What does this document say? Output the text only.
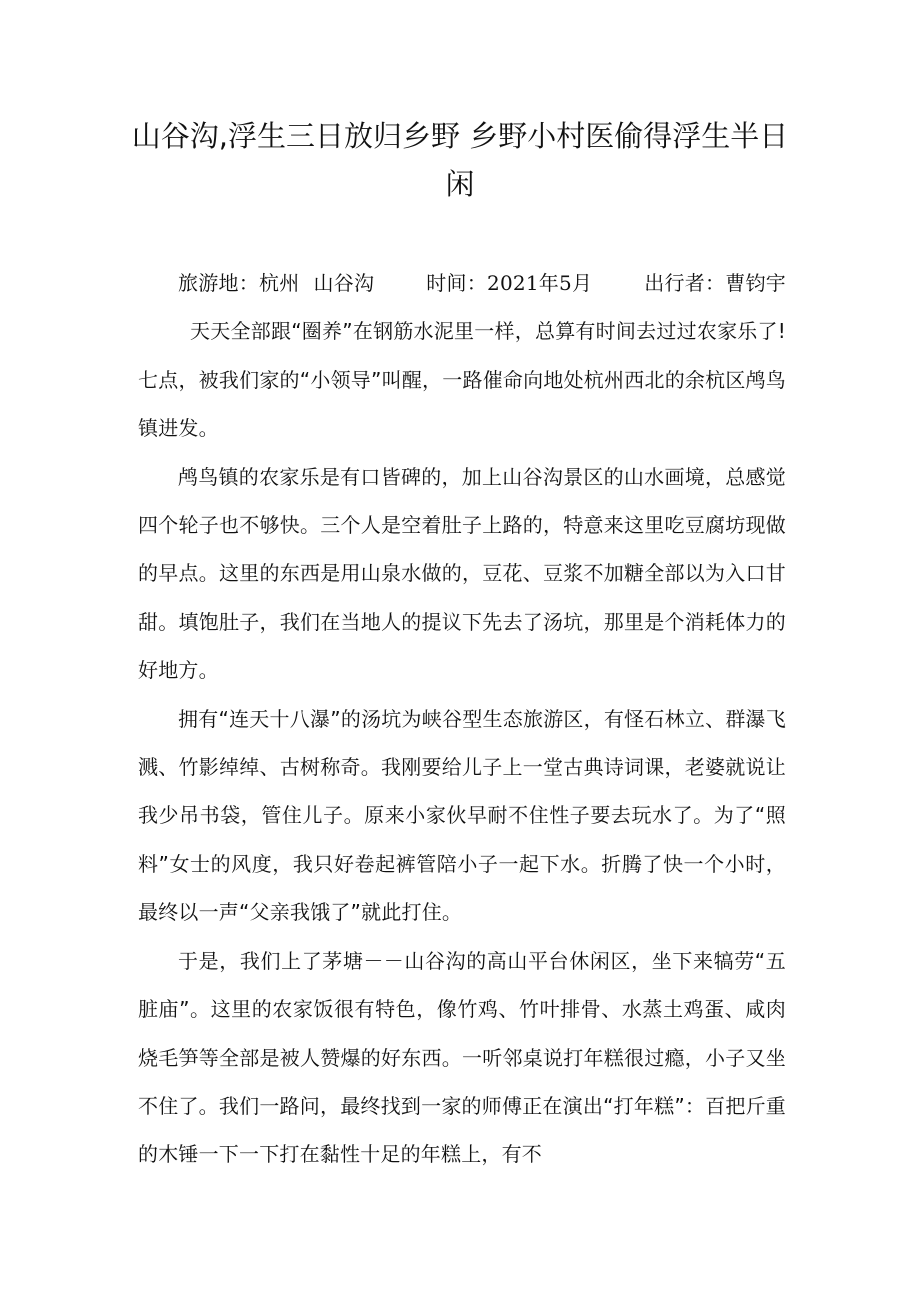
山谷沟,浮生三日放归乡野 乡野小村医偷得浮生半日闲

旅游地：杭州 山谷沟	时间：2021年5月	出行者：曹钧宇天天全部跟“圈养”在钢筋水泥里一样，总算有时间去过过农家乐了!七点，被我们家的“小领导”叫醒，一路催命向地处杭州西北的余杭区鸬鸟镇进发。

鸬鸟镇的农家乐是有口皆碑的，加上山谷沟景区的山水画境，总感觉四个轮子也不够快。三个人是空着肚子上路的，特意来这里吃豆腐坊现做的早点。这里的东西是用山泉水做的，豆花、豆浆不加糖全部以为入口甘甜。填饱肚子，我们在当地人的提议下先去了汤坑，那里是个消耗体力的好地方。

拥有“连天十八瀑”的汤坑为峡谷型生态旅游区，有怪石林立、群瀑飞溅、竹影绰绰、古树称奇。我刚要给儿子上一堂古典诗词课，老婆就说让我少吊书袋，管住儿子。原来小家伙早耐不住性子要去玩水了。为了“照料”女士的风度，我只好卷起裤管陪小子一起下水。折腾了快一个小时，最终以一声“父亲我饿了”就此打住。

于是，我们上了茅塘－－山谷沟的高山平台休闲区，坐下来犒劳“五脏庙”。这里的农家饭很有特色，像竹鸡、竹叶排骨、水蒸土鸡蛋、咸肉烧毛笋等全部是被人赞爆的好东西。一听邻桌说打年糕很过瘾，小子又坐不住了。我们一路问，最终找到一家的师傅正在演出“打年糕”：百把斤重的木锤一下一下打在黏性十足的年糕上，有不
